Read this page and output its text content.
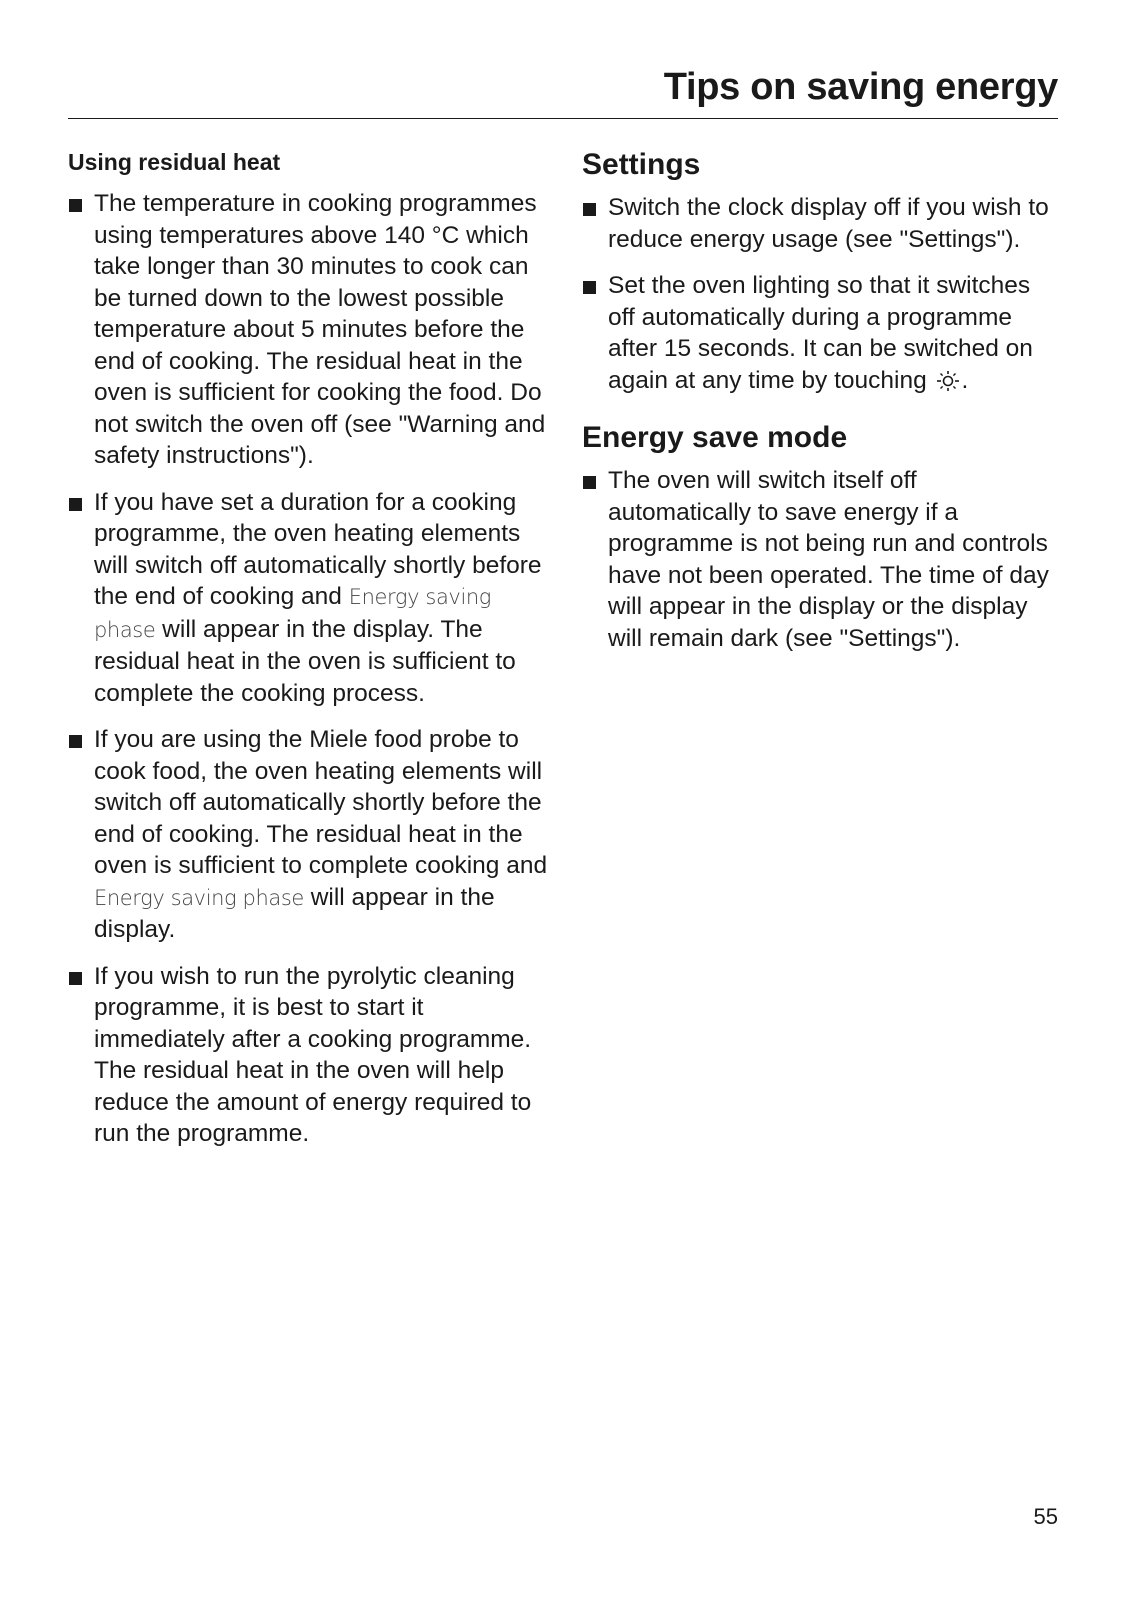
Tips on saving energy
Using residual heat
The temperature in cooking programmes using temperatures above 140 °C which take longer than 30 minutes to cook can be turned down to the lowest possible temperature about 5 minutes before the end of cooking. The residual heat in the oven is sufficient for cooking the food. Do not switch the oven off (see "Warning and safety instructions").
If you have set a duration for a cooking programme, the oven heating elements will switch off automatically shortly before the end of cooking and Energy saving phase will appear in the display. The residual heat in the oven is sufficient to complete the cooking process.
If you are using the Miele food probe to cook food, the oven heating elements will switch off automatically shortly before the end of cooking. The residual heat in the oven is sufficient to complete cooking and Energy saving phase will appear in the display.
If you wish to run the pyrolytic cleaning programme, it is best to start it immediately after a cooking programme. The residual heat in the oven will help reduce the amount of energy required to run the programme.
Settings
Switch the clock display off if you wish to reduce energy usage (see "Settings").
Set the oven lighting so that it switches off automatically during a programme after 15 seconds. It can be switched on again at any time by touching .
Energy save mode
The oven will switch itself off automatically to save energy if a programme is not being run and controls have not been operated. The time of day will appear in the display or the display will remain dark (see "Settings").
55
